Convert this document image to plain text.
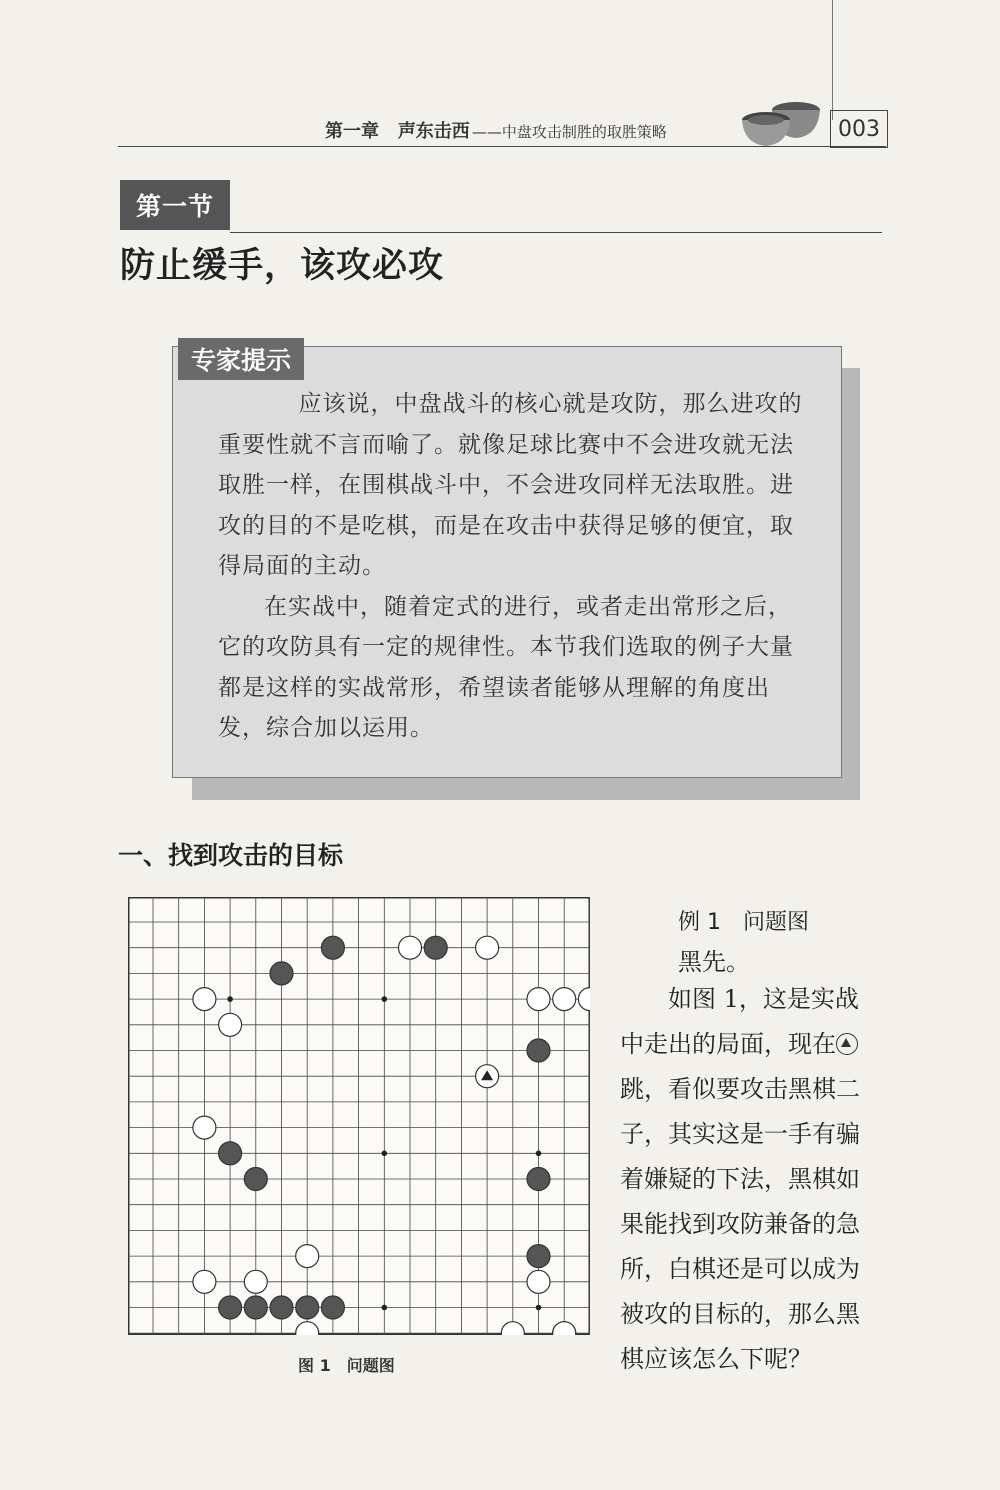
第一章 声东击西 ——中盘攻击制胜的取胜策略	003
第一节
防止缓手，该攻必攻
专家提示

应该说，中盘战斗的核心就是攻防，那么进攻的重要性就不言而喻了。就像足球比赛中不会进攻就无法取胜一样，在围棋战斗中，不会进攻同样无法取胜。进攻的目的不是吃棋，而是在攻击中获得足够的便宜，取得局面的主动。

在实战中，随着定式的进行，或者走出常形之后，它的攻防具有一定的规律性。本节我们选取的例子大量都是这样的实战常形，希望读者能够从理解的角度出发，综合加以运用。

一、找到攻击的目标
图 1　问题图
例 1　问题图
黑先。

如图 1，这是实战中走出的局面，现在跳，看似要攻击黑棋二子，其实这是一手有骗着嫌疑的下法，黑棋如果能找到攻防兼备的急所，白棋还是可以成为被攻的目标的，那么黑棋应该怎么下呢？
